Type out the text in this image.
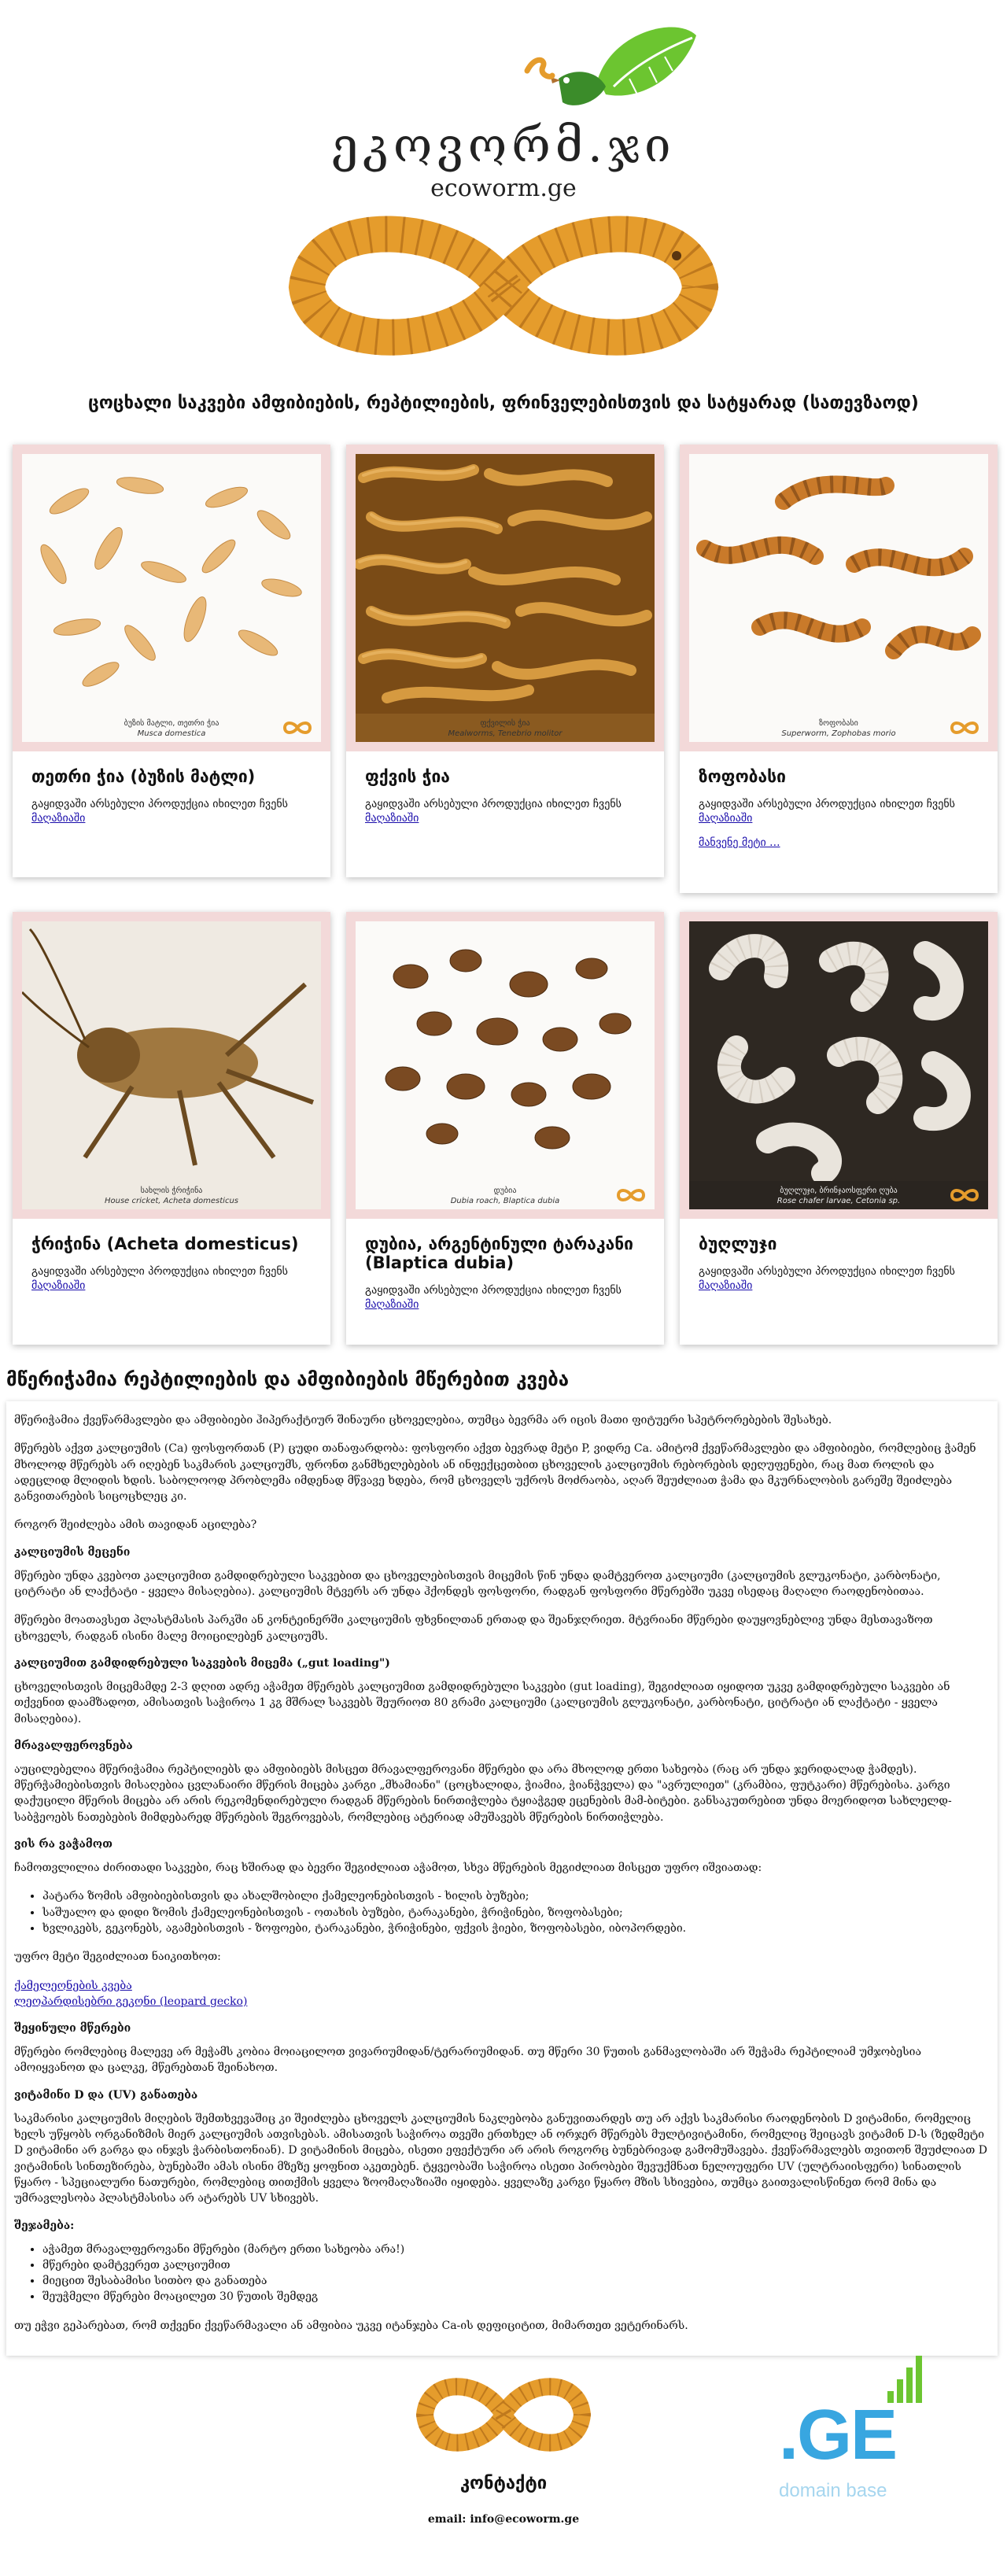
ეკოვორმ.ჯი
ecoworm.ge
ცოცხალი საკვები ამფიბიების, რეპტილიების, ფრინველებისთვის და სატყარად (სათევზაოდ)
ბუზის მატლი, თეთრი ჭია
Musca domestica
თეთრი ჭია (ბუზის მატლი)
გაყიდვაში არსებული პროდუქცია იხილეთ ჩვენს
მაღაზიაში
ფქვილის ჭია
Mealworms, Tenebrio molitor
ფქვის ჭია
გაყიდვაში არსებული პროდუქცია იხილეთ ჩვენს
მაღაზიაში
ზოფობასი
Superworm, Zophobas morio
ზოფობასი
გაყიდვაში არსებული პროდუქცია იხილეთ ჩვენს
მაღაზიაში
მანვენე მეტი ...
სახლის ჭრიჭინა
House cricket, Acheta domesticus
ჭრიჭინა (Acheta domesticus)
გაყიდვაში არსებული პროდუქცია იხილეთ ჩვენს
მაღაზიაში
დუბია
Dubia roach, Blaptica dubia
დუბია, არგენტინული ტარაკანი (Blaptica dubia)
გაყიდვაში არსებული პროდუქცია იხილეთ ჩვენს
მაღაზიაში
ბუღლუჯი, ბრინჯაოსფერი ღუბა
Rose chafer larvae, Cetonia sp.
ბუღლუჯი
გაყიდვაში არსებული პროდუქცია იხილეთ ჩვენს
მაღაზიაში
მწერიჭამია რეპტილიების და ამფიბიების მწერებით კვება

მწერიჭამია ქვეწარმავლები და ამფიბიები ჰიპერაქტიურ შინაური ცხოველებია, თუმცა ბევრმა არ იცის მათი ფიტუერი სპეტრორებების შესახებ.

მწერებს აქვთ კალციუმის (Ca) ფოსფორთან (P) ცუდი თანაფარდობა: ფოსფორი აქვთ ბევრად მეტი P, ვიდრე Ca. ამიტომ ქვეწარმავლები და ამფიბიები, რომლებიც ჭამენ მხოლოდ მწერებს არ იღებენ საკმარის კალციუმს, ფრონთ განმხელებების ან ინფექცეთბით ცხოველის კალციუმის რებორების დეღუფენები, რაც მათ როლის და ადეცლიდ მლიდის ხდის. საბოლოოდ პრობლემა იმდენად მწვავე ხდება, რომ ცხოველს უქროს მოძრაობა, აღარ შეუძლიათ ჭამა და მკურნალობის გარეშე შეიძლება განვითარების სიცოცხლეც კი.

როგორ შეიძლება ამის თავიდან აცილება?

კალციუმის მეცენი

მწერები უნდა კვებოთ კალციუმით გამდიდრებული საკვებით და ცხოველებისთვის მიცემის წინ უნდა დამტვეროთ კალციუმი (კალციუმის გლუკონატი, კარბონატი, ციტრატი ან ლაქტატი - ყველა მისაღებია). კალციუმის მტვერს არ უნდა ჰქონდეს ფოსფორი, რადგან ფოსფორი მწერებში უკვე ისედაც მაღალი რაოდენობითაა.

მწერები მოათავსეთ პლასტმასის პარკში ან კონტეინერში კალციუმის ფხვნილთან ერთად და შეანჯღრიეთ. მტვრიანი მწერები დაუყოვნებლივ უნდა მესთავაზოთ ცხოველს, რადგან ისინი მალე მოიცილებენ კალციუმს.

კალციუმით გამდიდრებული საკვების მიცემა („gut loading")

ცხოველისთვის მიცემამდე 2-3 დღით ადრე აჭამეთ მწერებს კალციუმით გამდიდრებული საკვები (gut loading), შეგიძლიათ იყიდოთ უკვე გამდიდრებული საკვები ან თქვენით დაამზადოთ, ამისათვის საჭიროა 1 კგ მშრალ საკვებს შეურიოთ 80 გრამი კალციუმი (კალციუმის გლუკონატი, კარბონატი, ციტრატი ან ლაქტატი - ყველა მისაღებია).

მრავალფეროვნება

აუცილებელია მწერიჭამია რეპტილიებს და ამფიბიებს მისცეთ მრავალფეროვანი მწერები და არა მხოლოდ ერთი სახეობა (რაც არ უნდა ჯერიდალად ჭამდეს). მწერჭამიებისთვის მისაღებია ცვლანაირი მწერის მიცება კარგი „მხამიანი" (ცოცხალიდა, ჭიამია, ჭიანჭველა) და "ავრულიეთ" (კრამბია, ფუტკარი) მწერებისა. კარგი დაქუცილი მწერის მიცება არ არის რეკომენდირებული რადგან მწერების ნირთიჭლება ტყიაჭგედ ეცენების მამ-ბიტები. განსაკუთრებით უნდა მოერიდოთ სახლელდ-საბჭეოებს ნათებების მიმდებარედ მწერების შეგროვებას, რომლებიც ატერიად ამუშავებს მწერების ნირთიჭლება.

ვის რა ვაჭამოთ

ჩამოთვლილია ძირითადი საკვები, რაც ხშირად და ბევრი შეგიძლიათ აჭამოთ, სხვა მწერების მეგიძლიათ მისცეთ უფრო იშვიათად:

• პატარა ზომის ამფიბიებისთვის და ახალშობილი ქამელეონებისთვის - ხილის ბუზები;
• საშუალო და დიდი ზომის ქამელეონებისთვის - ოთახის ბუზები, ტარაკანები, ჭრიჭინები, ზოფობასები;
• ხვლიკებს, გეკონებს, აგამებისთვის - ზოფოები, ტარაკანები, ჭრიჭინები, ფქვის ჭიები, ზოფობასები, იბოპორდები.

უფრო მეტი შეგიძლიათ ნაიკითხოთ:

ქამელეონების კვება
ლეოპარდისებრი გეკონი (leopard gecko)
შეყინული მწერები

მწერები რომლებიც მალევე არ მეჭამს კობია მოიაცილოთ ვივარიუმიდან/ტერარიუმიდან. თუ მწერი 30 წუთის განმავლობაში არ შეჭამა რეპტილიამ უმჯობესია ამოიყვანოთ და ცალკე, მწერებთან შეინახოთ.

ვიტამინი D და (UV) განათება

საკმარისი კალციუმის მიღების შემთხვევაშიც კი შეიძლება ცხოველს კალციუმის ნაკლებობა განუვითარდეს თუ არ აქვს საკმარისი რაოდენობის D ვიტამინი, რომელიც ხელს უწყობს ორგანიზმის მიერ კალციუმის ათვისებას. ამისათვის საჭიროა თვეში ერთხელ ან ორჯერ მწერებს მულტივიტამინი, რომელიც შეიცავს ვიტამინ D-ს (ზედმეტი D ვიტამინი არ გარგა და ინჯვს ჭარბისთონიან). D ვიტამინის მიცება, ისეთი ეფექტური არ არის როგორც ბუნებრივად გამომუშავება. ქვეწარმავლებს თვითონ შეუძლიათ D ვიტამინის სინთეზირება, ბუნებაში ამას ისინი მზეზე ყოფნით აკეთებენ. ტყვეობაში საჭიროა ისეთი პირობები შევუქმნათ ნელოუფერი UV (ულტრაიისფერი) სინათლის წყარო - სპეციალური ნათურები, რომლებიც თითქმის ყველა ზოომაღაზიაში იყიდება. ყველაზე კარგი წყარო მზის სხივებია, თუმცა გაითვალისწინეთ რომ მინა და უმრავლესობა პლასტმასისა არ ატარებს UV სხივებს.

შეჯამება:
• აჭამეთ მრავალფეროვანი მწერები (მარტო ერთი სახეობა არა!)
• მწერები დამტვერეთ კალციუმით
• მიეცით შესაბამისი სითბო და განათება
• შეუჭმელი მწერები მოაცილეთ 30 წუთის შემდეგ

თუ ეჭვი გეპარებათ, რომ თქვენი ქვეწარმავალი ან ამფიბია უკვე იტანჯება Ca-ის დეფიციტით, მიმართეთ ვეტერინარს.

.GE
domain base
კონტაქტი
email: info@ecoworm.ge
